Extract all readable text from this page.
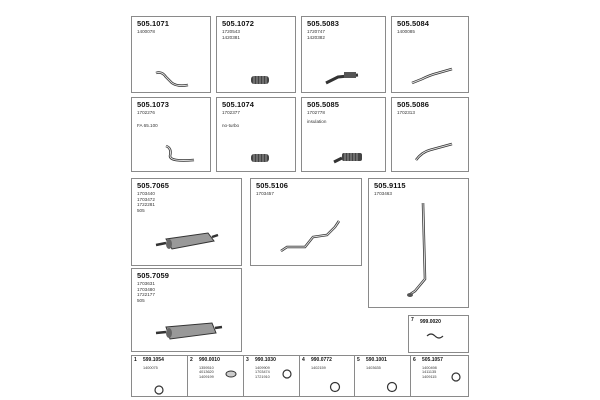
505.1071
1400078
505.1072
1720543
1420381
505.5083
1720747
1420382
505.5084
1400085
505.1073
1702276
FA 65.100
505.1074
1702377
no-turbo
505.5085
1702778
insulation
505.5086
1702313
505.7065
1703440
1703472
1722281
505
505.5106
1703457
505.9115
1703463
505.7059
1703631
1703480
1722177
505
7 999.0020
1 599.1054
1400075
2 990.0010
1359510
4013620
1409199
3 990.1030
1409909
1703474
1721910
4 990.0772
1402159
5 590.1001
1403635
6 505.1057
1400498
1411135
1409115
